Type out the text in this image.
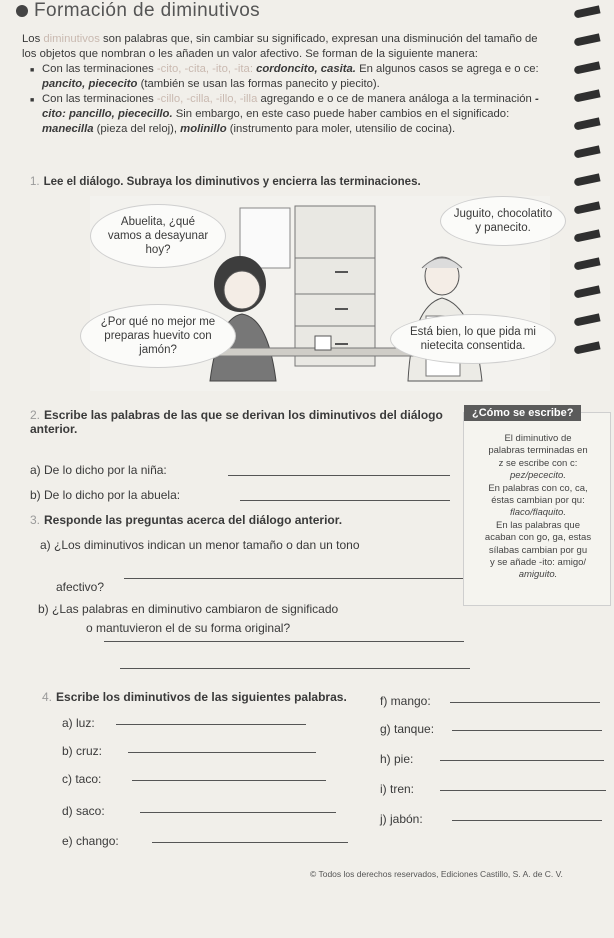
Formación de diminutivos

Los diminutivos son palabras que, sin cambiar su significado, expresan una disminución del tamaño de los objetos que nombran o les añaden un valor afectivo. Se forman de la siguiente manera:

■ Con las terminaciones -cito, -cita, -ito, -ita: cordoncito, casita. En algunos casos se agrega e o ce: pancito, piececito (también se usan las formas panecito y piecito).

■ Con las terminaciones -cillo, -cilla, -illo, -illa agregando e o ce de manera análoga a la terminación -cito: pancillo, piececillo. Sin embargo, en este caso puede haber cambios en el significado: manecilla (pieza del reloj), molinillo (instrumento para moler, utensilio de cocina).

1. Lee el diálogo. Subraya los diminutivos y encierra las terminaciones.
Abuelita, ¿qué vamos a desayunar hoy?
Juguito, chocolatito y panecito.
¿Por qué no mejor me preparas huevito con jamón?
Está bien, lo que pida mi nietecita consentida.
2. Escribe las palabras de las que se derivan los diminutivos del diálogo anterior.
a) De lo dicho por la niña:
b) De lo dicho por la abuela:
3. Responde las preguntas acerca del diálogo anterior.
a) ¿Los diminutivos indican un menor tamaño o dan un tono
afectivo?
b) ¿Las palabras en diminutivo cambiaron de significado
o mantuvieron el de su forma original?
¿Cómo se escribe?
El diminutivo de
palabras terminadas en
z se escribe con c:
pez/pececito.
En palabras con co, ca,
éstas cambian por qu:
flaco/flaquito.
En las palabras que
acaban con go, ga, estas
sílabas cambian por gu
y se añade -ito: amigo/
amiguito.
4. Escribe los diminutivos de las siguientes palabras.
a) luz:
b) cruz:
c) taco:
d) saco:
e) chango:
f) mango:
g) tanque:
h) pie:
i) tren:
j) jabón:
© Todos los derechos reservados, Ediciones Castillo, S. A. de C. V.
